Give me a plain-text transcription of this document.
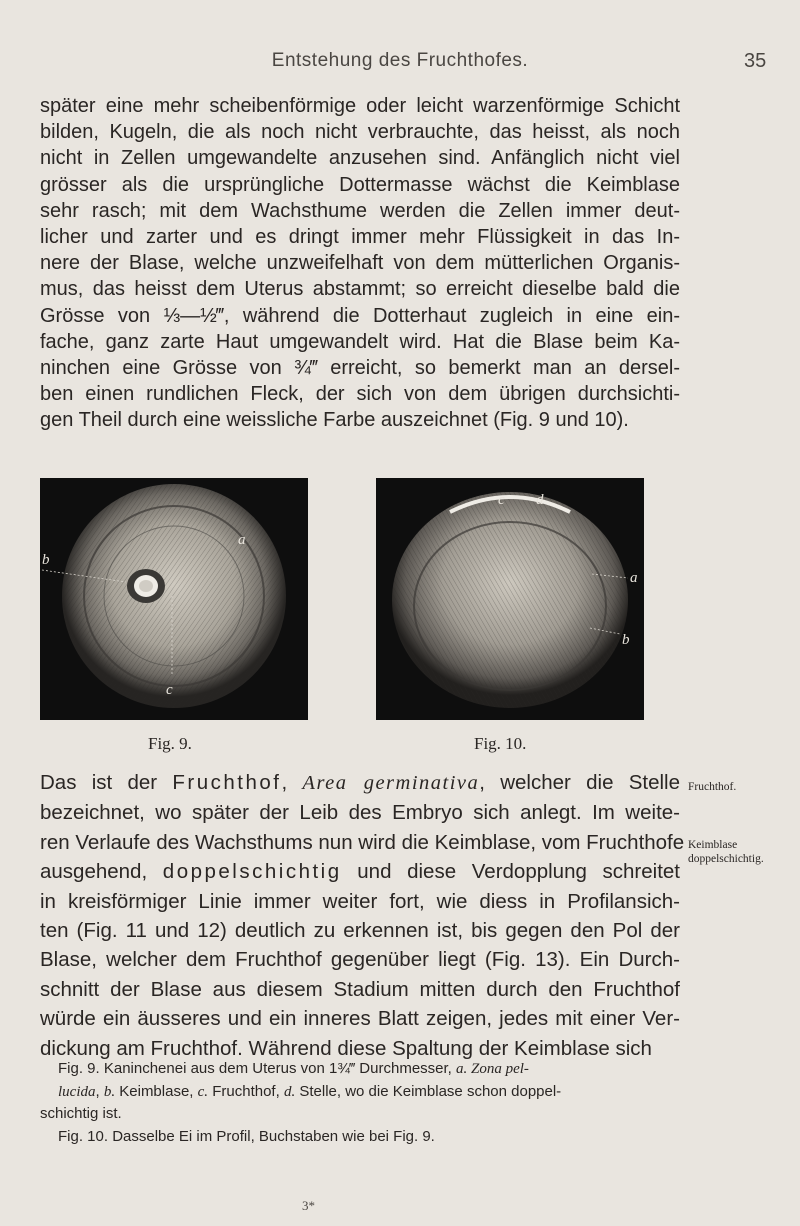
Entstehung des Fruchthofes.	35
später eine mehr scheibenförmige oder leicht warzenförmige Schicht
bilden, Kugeln, die als noch nicht verbrauchte, das heisst, als noch
nicht in Zellen umgewandelte anzusehen sind. Anfänglich nicht viel
grösser als die ursprüngliche Dottermasse wächst die Keimblase
sehr rasch; mit dem Wachsthume werden die Zellen immer deut-
licher und zarter und es dringt immer mehr Flüssigkeit in das In-
nere der Blase, welche unzweifelhaft von dem mütterlichen Organis-
mus, das heisst dem Uterus abstammt; so erreicht dieselbe bald die
Grösse von ⅓—½‴, während die Dotterhaut zugleich in eine ein-
fache, ganz zarte Haut umgewandelt wird. Hat die Blase beim Ka-
ninchen eine Grösse von ¾‴ erreicht, so bemerkt man an dersel-
ben einen rundlichen Fleck, der sich von dem übrigen durchsichti-
gen Theil durch eine weissliche Farbe auszeichnet (Fig. 9 und 10).
b
a
c
c d
a
b
Fig. 9.	Fig. 10.
Das ist der Fruchthof, Area germinativa, welcher die Stelle
bezeichnet, wo später der Leib des Embryo sich anlegt. Im weite-
ren Verlaufe des Wachsthums nun wird die Keimblase, vom Fruchthofe
ausgehend, doppelschichtig und diese Verdopplung schreitet
in kreisförmiger Linie immer weiter fort, wie diess in Profilansich-
ten (Fig. 11 und 12) deutlich zu erkennen ist, bis gegen den Pol der
Blase, welcher dem Fruchthof gegenüber liegt (Fig. 13). Ein Durch-
schnitt der Blase aus diesem Stadium mitten durch den Fruchthof
würde ein äusseres und ein inneres Blatt zeigen, jedes mit einer Ver-
dickung am Fruchthof. Während diese Spaltung der Keimblase sich
Fruchthof.
Keimblase
doppelschichtig.
Fig. 9. Kaninchenei aus dem Uterus von 1¾‴ Durchmesser, a. Zona pel-
lucida, b. Keimblase, c. Fruchthof, d. Stelle, wo die Keimblase schon doppel-
schichtig ist.
Fig. 10. Dasselbe Ei im Profil, Buchstaben wie bei Fig. 9.
3*
